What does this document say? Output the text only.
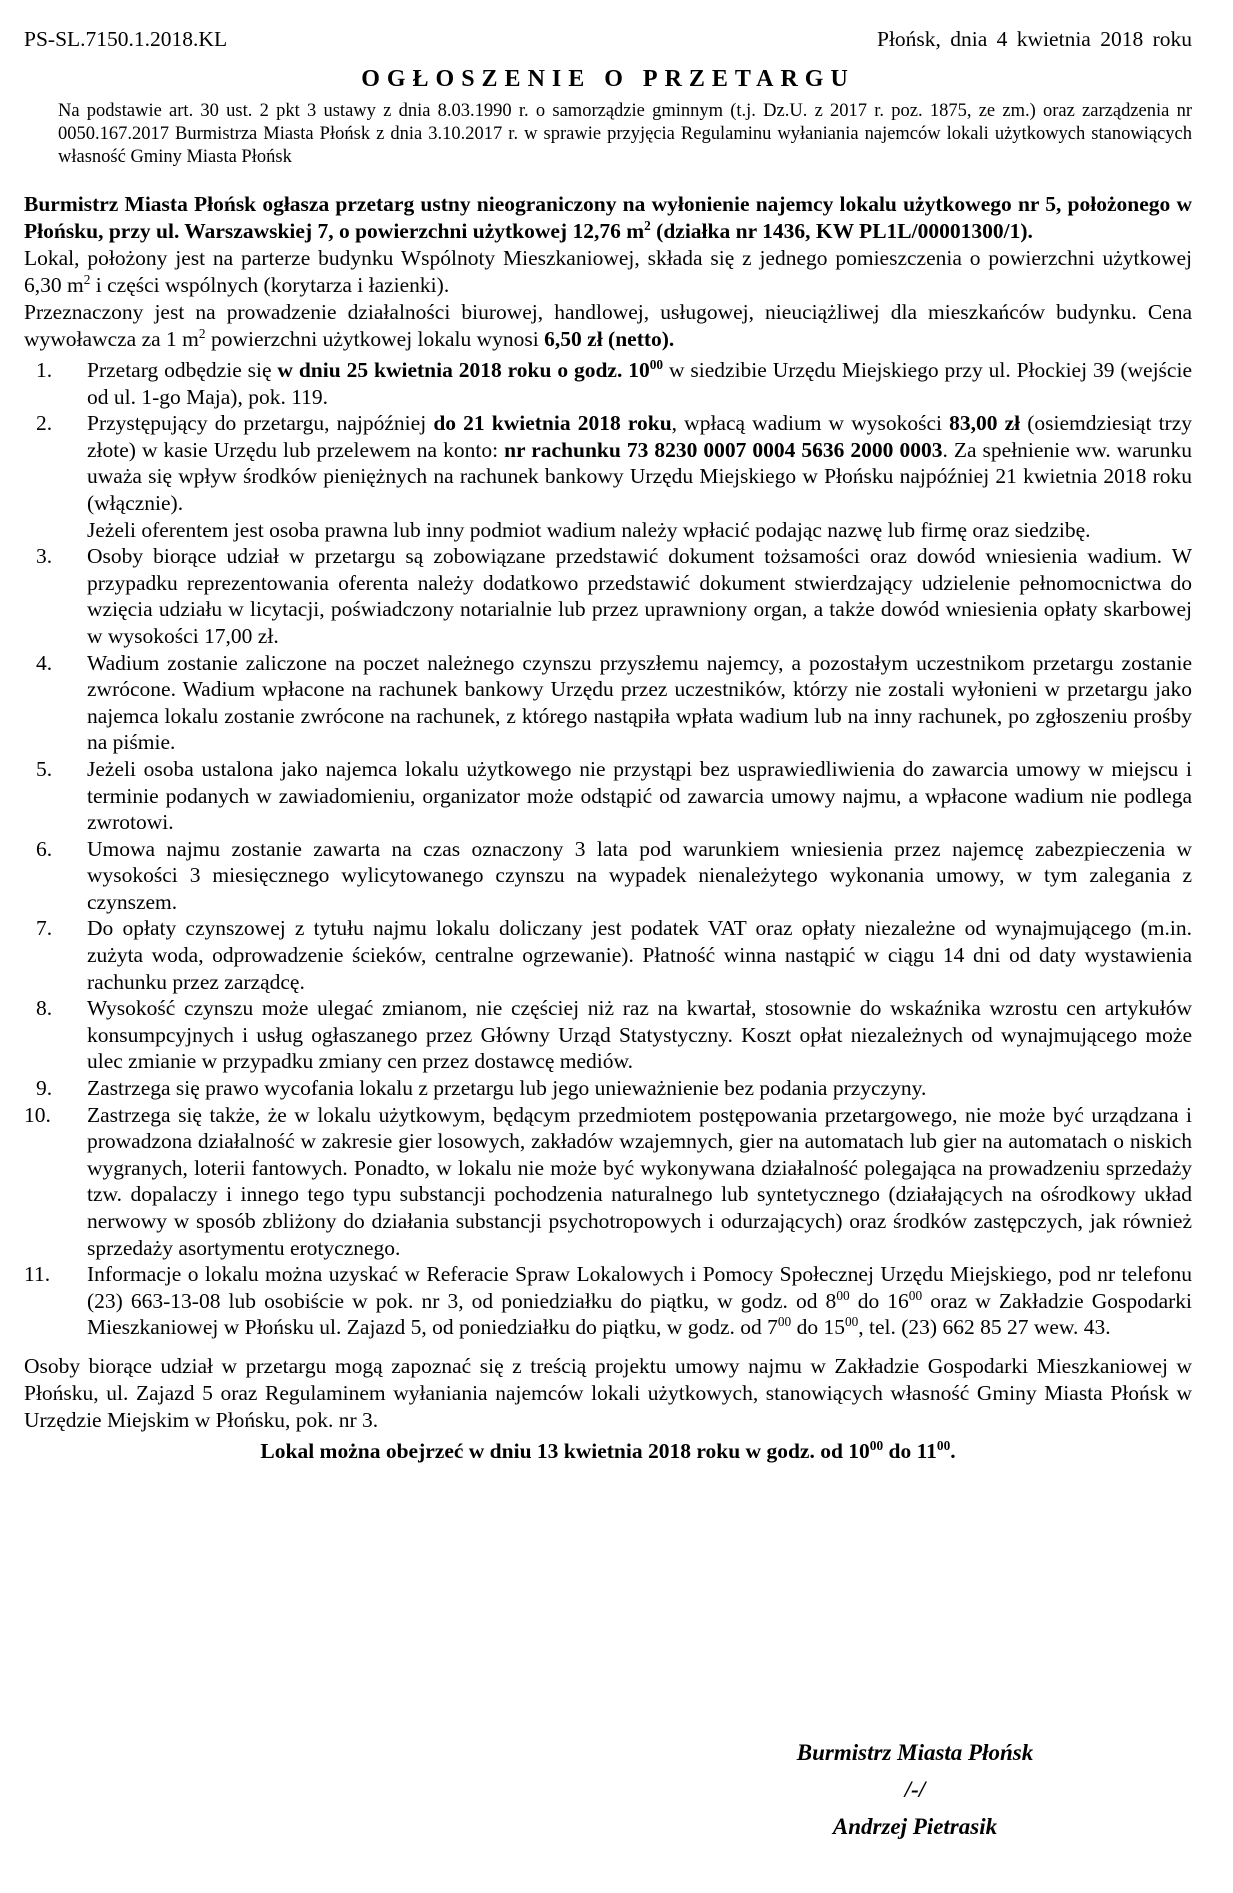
PS-SL.7150.1.2018.KL	Płońsk, dnia 4 kwietnia 2018 roku
OGŁOSZENIE O PRZETARGU
Na podstawie art. 30 ust. 2 pkt 3 ustawy z dnia 8.03.1990 r. o samorządzie gminnym (t.j. Dz.U. z 2017 r. poz. 1875, ze zm.) oraz zarządzenia nr 0050.167.2017 Burmistrza Miasta Płońsk z dnia 3.10.2017 r. w sprawie przyjęcia Regulaminu wyłaniania najemców lokali użytkowych stanowiących własność Gminy Miasta Płońsk
Burmistrz Miasta Płońsk ogłasza przetarg ustny nieograniczony na wyłonienie najemcy lokalu użytkowego nr 5, położonego w Płońsku, przy ul. Warszawskiej 7, o powierzchni użytkowej 12,76 $m^2$ (działka nr 1436, KW PL1L/00001300/1).
Lokal, położony jest na parterze budynku Wspólnoty Mieszkaniowej, składa się z jednego pomieszczenia o powierzchni użytkowej 6,30 $m^2$ i części wspólnych (korytarza i łazienki).
Przeznaczony jest na prowadzenie działalności biurowej, handlowej, usługowej, nieuciążliwej dla mieszkańców budynku. Cena wywoławcza za 1 $m^2$ powierzchni użytkowej lokalu wynosi 6,50 zł (netto).
1.	Przetarg odbędzie się w dniu 25 kwietnia 2018 roku o godz. $10^{00}$ w siedzibie Urzędu Miejskiego przy ul. Płockiej 39 (wejście od ul. 1-go Maja), pok. 119.
2.	Przystępujący do przetargu, najpóźniej do 21 kwietnia 2018 roku, wpłacą wadium w wysokości 83,00 zł (osiemdziesiąt trzy złote) w kasie Urzędu lub przelewem na konto: nr rachunku 73 8230 0007 0004 5636 2000 0003. Za spełnienie ww. warunku uważa się wpływ środków pieniężnych na rachunek bankowy Urzędu Miejskiego w Płońsku najpóźniej 21 kwietnia 2018 roku (włącznie).
Jeżeli oferentem jest osoba prawna lub inny podmiot wadium należy wpłacić podając nazwę lub firmę oraz siedzibę.
3.	Osoby biorące udział w przetargu są zobowiązane przedstawić dokument tożsamości oraz dowód wniesienia wadium. W przypadku reprezentowania oferenta należy dodatkowo przedstawić dokument stwierdzający udzielenie pełnomocnictwa do wzięcia udziału w licytacji, poświadczony notarialnie lub przez uprawniony organ, a także dowód wniesienia opłaty skarbowej w wysokości 17,00 zł.
4.	Wadium zostanie zaliczone na poczet należnego czynszu przyszłemu najemcy, a pozostałym uczestnikom przetargu zostanie zwrócone. Wadium wpłacone na rachunek bankowy Urzędu przez uczestników, którzy nie zostali wyłonieni w przetargu jako najemca lokalu zostanie zwrócone na rachunek, z którego nastąpiła wpłata wadium lub na inny rachunek, po zgłoszeniu prośby na piśmie.
5.	Jeżeli osoba ustalona jako najemca lokalu użytkowego nie przystąpi bez usprawiedliwienia do zawarcia umowy w miejscu i terminie podanych w zawiadomieniu, organizator może odstąpić od zawarcia umowy najmu, a wpłacone wadium nie podlega zwrotowi.
6.	Umowa najmu zostanie zawarta na czas oznaczony 3 lata pod warunkiem wniesienia przez najemcę zabezpieczenia w wysokości 3 miesięcznego wylicytowanego czynszu na wypadek nienależytego wykonania umowy, w tym zalegania z czynszem.
7.	Do opłaty czynszowej z tytułu najmu lokalu doliczany jest podatek VAT oraz opłaty niezależne od wynajmującego (m.in. zużyta woda, odprowadzenie ścieków, centralne ogrzewanie). Płatność winna nastąpić w ciągu 14 dni od daty wystawienia rachunku przez zarządcę.
8.	Wysokość czynszu może ulegać zmianom, nie częściej niż raz na kwartał, stosownie do wskaźnika wzrostu cen artykułów konsumpcyjnych i usług ogłaszanego przez Główny Urząd Statystyczny. Koszt opłat niezależnych od wynajmującego może ulec zmianie w przypadku zmiany cen przez dostawcę mediów.
9.	Zastrzega się prawo wycofania lokalu z przetargu lub jego unieważnienie bez podania przyczyny.
10.	Zastrzega się także, że w lokalu użytkowym, będącym przedmiotem postępowania przetargowego, nie może być urządzana i prowadzona działalność w zakresie gier losowych, zakładów wzajemnych, gier na automatach lub gier na automatach o niskich wygranych, loterii fantowych. Ponadto, w lokalu nie może być wykonywana działalność polegająca na prowadzeniu sprzedaży tzw. dopalaczy i innego tego typu substancji pochodzenia naturalnego lub syntetycznego (działających na ośrodkowy układ nerwowy w sposób zbliżony do działania substancji psychotropowych i odurzających) oraz środków zastępczych, jak również sprzedaży asortymentu erotycznego.
11.	Informacje o lokalu można uzyskać w Referacie Spraw Lokalowych i Pomocy Społecznej Urzędu Miejskiego, pod nr telefonu (23) 663-13-08 lub osobiście w pok. nr 3, od poniedziałku do piątku, w godz. od $8^{00}$ do $16^{00}$ oraz w Zakładzie Gospodarki Mieszkaniowej w Płońsku ul. Zajazd 5, od poniedziałku do piątku, w godz. od $7^{00}$ do $15^{00}$, tel. (23) 662 85 27 wew. 43.
Osoby biorące udział w przetargu mogą zapoznać się z treścią projektu umowy najmu w Zakładzie Gospodarki Mieszkaniowej w Płońsku, ul. Zajazd 5 oraz Regulaminem wyłaniania najemców lokali użytkowych, stanowiących własność Gminy Miasta Płońsk w Urzędzie Miejskim w Płońsku, pok. nr 3.
Lokal można obejrzeć w dniu 13 kwietnia 2018 roku w godz. od $10^{00}$ do $11^{00}$.
Burmistrz Miasta Płońsk
/-/
Andrzej Pietrasik
